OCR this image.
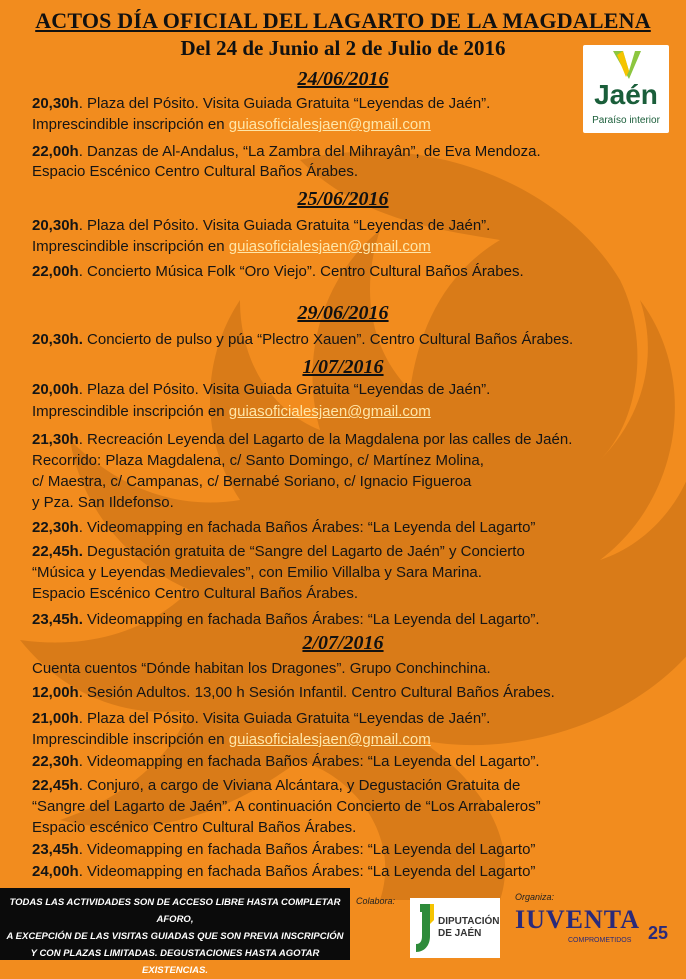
ACTOS DÍA OFICIAL DEL LAGARTO DE LA MAGDALENA
Del 24 de Junio al 2 de Julio de 2016
Jaén
Paraíso interior
24/06/2016
25/06/2016
29/06/2016
1/07/2016
2/07/2016
20,30h. Plaza del Pósito. Visita Guiada Gratuita “Leyendas de Jaén”.
Imprescindible inscripción en guiasoficialesjaen@gmail.com
22,00h. Danzas de Al-Andalus, “La Zambra del Mihrayân”, de Eva Mendoza.
Espacio Escénico Centro Cultural Baños Árabes.
20,30h. Plaza del Pósito. Visita Guiada Gratuita “Leyendas de Jaén”.
Imprescindible inscripción en guiasoficialesjaen@gmail.com
22,00h. Concierto Música Folk “Oro Viejo”. Centro Cultural Baños Árabes.
20,30h. Concierto de pulso y púa “Plectro Xauen”. Centro Cultural Baños Árabes.
20,00h. Plaza del Pósito. Visita Guiada Gratuita “Leyendas de Jaén”.
Imprescindible inscripción en guiasoficialesjaen@gmail.com
21,30h. Recreación Leyenda del Lagarto de la Magdalena por las calles de Jaén.
Recorrido: Plaza Magdalena, c/ Santo Domingo, c/ Martínez Molina,
c/ Maestra, c/ Campanas, c/ Bernabé Soriano, c/ Ignacio Figueroa
y Pza. San Ildefonso.
22,30h. Videomapping en fachada Baños Árabes: “La Leyenda del Lagarto”
22,45h. Degustación gratuita de “Sangre del Lagarto de Jaén” y Concierto
“Música y Leyendas Medievales”, con Emilio Villalba y Sara Marina.
Espacio Escénico Centro Cultural Baños Árabes.
23,45h. Videomapping en fachada Baños Árabes: “La Leyenda del Lagarto”.
Cuenta cuentos “Dónde habitan los Dragones”. Grupo Conchinchina.
12,00h. Sesión Adultos. 13,00 h Sesión Infantil. Centro Cultural Baños Árabes.
21,00h. Plaza del Pósito. Visita Guiada Gratuita “Leyendas de Jaén”.
Imprescindible inscripción en guiasoficialesjaen@gmail.com
22,30h. Videomapping en fachada Baños Árabes: “La Leyenda del Lagarto”.
22,45h. Conjuro, a cargo de Viviana Alcántara, y Degustación Gratuita de
“Sangre del Lagarto de Jaén”. A continuación Concierto de “Los Arrabaleros”
Espacio escénico Centro Cultural Baños Árabes.
23,45h. Videomapping en fachada Baños Árabes: “La Leyenda del Lagarto”
24,00h. Videomapping en fachada Baños Árabes: “La Leyenda del Lagarto”
TODAS LAS ACTIVIDADES SON DE ACCESO LIBRE HASTA COMPLETAR AFORO,
A EXCEPCIÓN DE LAS VISITAS GUIADAS QUE SON PREVIA INSCRIPCIÓN
Y CON PLAZAS LIMITADAS. DEGUSTACIONES HASTA AGOTAR EXISTENCIAS.
Colabora:
DIPUTACIÓN
DE JAÉN
Organiza:
IUVENTA
COMPROMETIDOS 25
